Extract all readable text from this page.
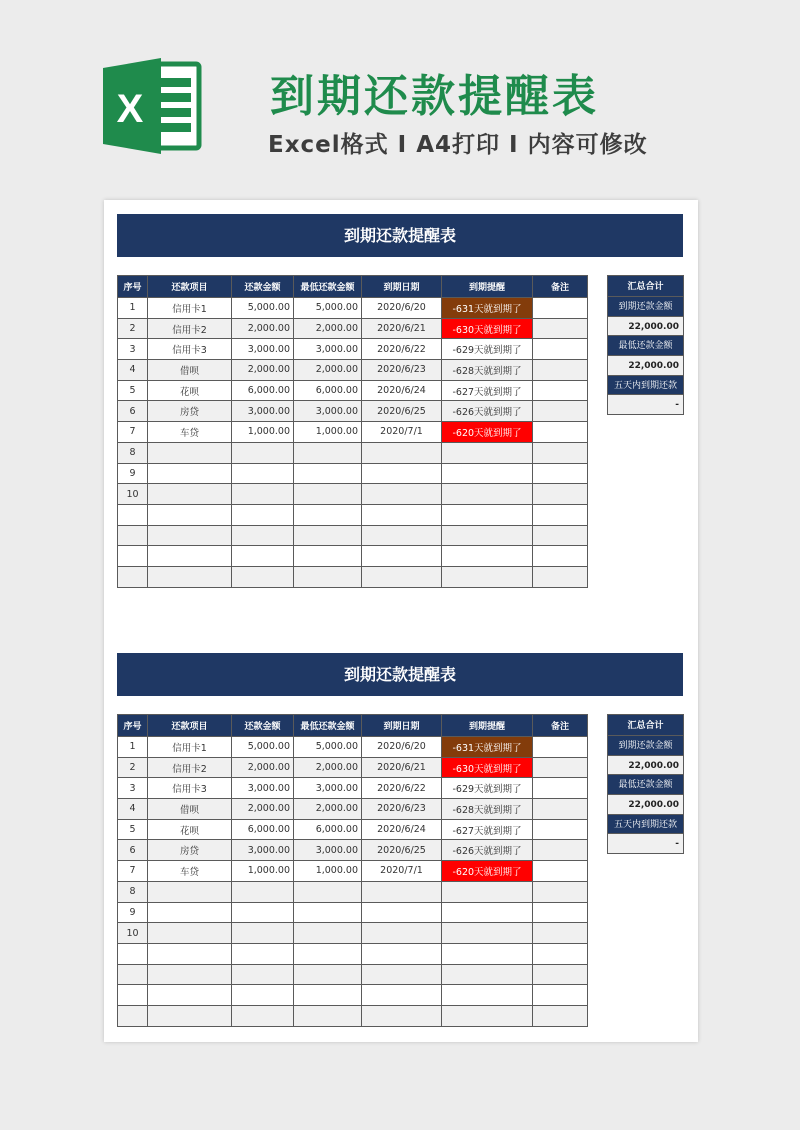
X	到期还款提醒表
Excel格式 I A4打印 I 内容可修改
到期还款提醒表
序号	还款项目	还款金额	最低还款金额	到期日期	到期提醒	备注
1	信用卡1	5,000.00	5,000.00	2020/6/20	-631天就到期了	
2	信用卡2	2,000.00	2,000.00	2020/6/21	-630天就到期了	
3	信用卡3	3,000.00	3,000.00	2020/6/22	-629天就到期了	
4	借呗	2,000.00	2,000.00	2020/6/23	-628天就到期了	
5	花呗	6,000.00	6,000.00	2020/6/24	-627天就到期了	
6	房贷	3,000.00	3,000.00	2020/6/25	-626天就到期了	
7	车贷	1,000.00	1,000.00	2020/7/1	-620天就到期了	
8						
9						
10						

汇总合计
到期还款金额
22,000.00
最低还款金额
22,000.00
五天内到期还款
-
到期还款提醒表
序号	还款项目	还款金额	最低还款金额	到期日期	到期提醒	备注
1	信用卡1	5,000.00	5,000.00	2020/6/20	-631天就到期了	
2	信用卡2	2,000.00	2,000.00	2020/6/21	-630天就到期了	
3	信用卡3	3,000.00	3,000.00	2020/6/22	-629天就到期了	
4	借呗	2,000.00	2,000.00	2020/6/23	-628天就到期了	
5	花呗	6,000.00	6,000.00	2020/6/24	-627天就到期了	
6	房贷	3,000.00	3,000.00	2020/6/25	-626天就到期了	
7	车贷	1,000.00	1,000.00	2020/7/1	-620天就到期了	
8						
9						
10						

汇总合计
到期还款金额
22,000.00
最低还款金额
22,000.00
五天内到期还款
-
